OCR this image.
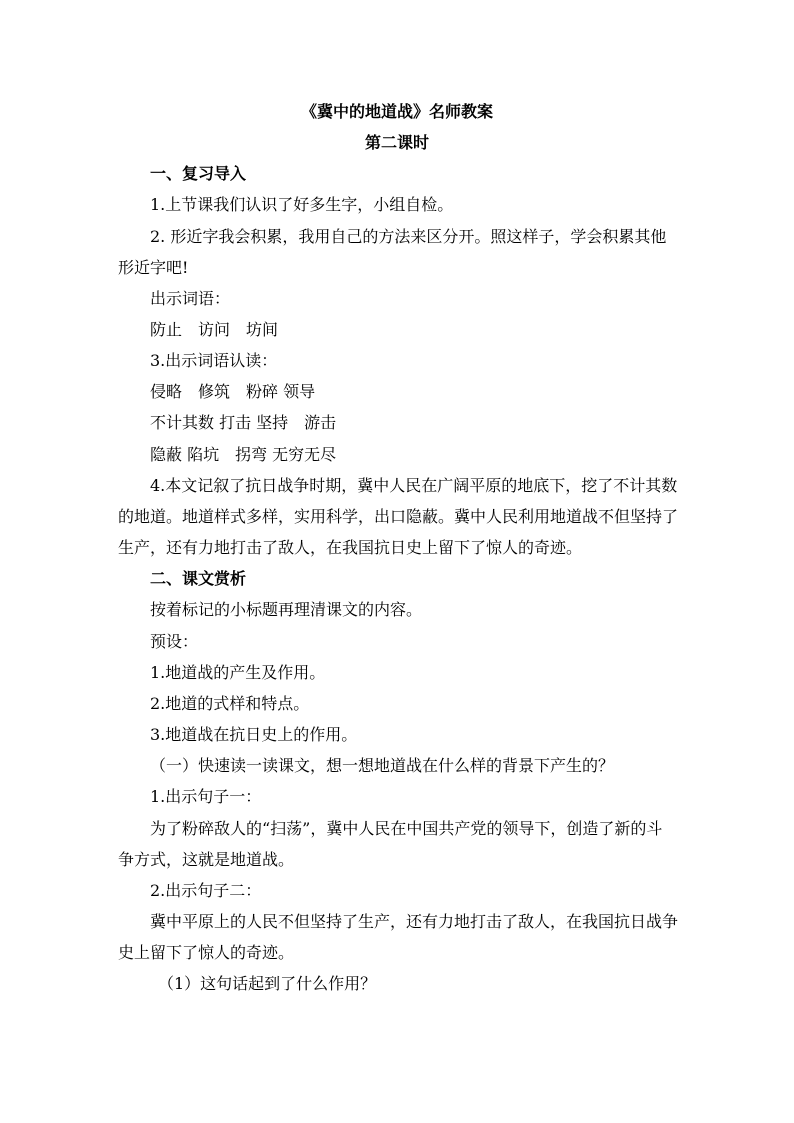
《冀中的地道战》名师教案
第二课时
一、复习导入
1.上节课我们认识了好多生字，小组自检。
2. 形近字我会积累，我用自己的方法来区分开。照这样子，学会积累其他
形近字吧!
出示词语：
防止　访问　坊间
3.出示词语认读：
侵略　修筑　粉碎 领导
不计其数 打击 坚持　游击
隐蔽 陷坑　拐弯 无穷无尽
4.本文记叙了抗日战争时期，冀中人民在广阔平原的地底下，挖了不计其数
的地道。地道样式多样，实用科学，出口隐蔽。冀中人民利用地道战不但坚持了
生产，还有力地打击了敌人，在我国抗日史上留下了惊人的奇迹。
二、课文赏析
按着标记的小标题再理清课文的内容。
预设：
1.地道战的产生及作用。
2.地道的式样和特点。
3.地道战在抗日史上的作用。
（一）快速读一读课文，想一想地道战在什么样的背景下产生的？
1.出示句子一：
为了粉碎敌人的“扫荡”，冀中人民在中国共产党的领导下，创造了新的斗
争方式，这就是地道战。
2.出示句子二：
冀中平原上的人民不但坚持了生产，还有力地打击了敌人，在我国抗日战争
史上留下了惊人的奇迹。
（1）这句话起到了什么作用？
